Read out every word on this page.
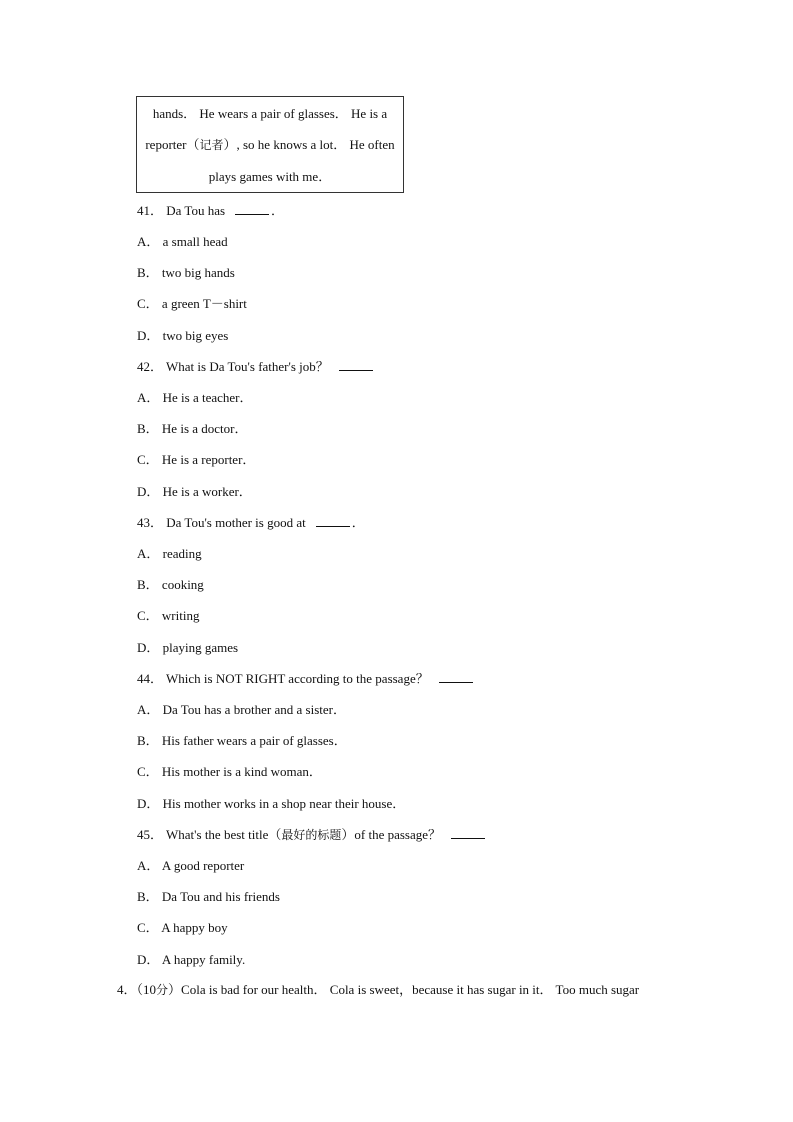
hands． He wears a pair of glasses． He is a
reporter（记者）, so he knows a lot． He often
plays games with me．
41． Da Tou has	．
A． a small head
B． two big hands
C． a green T－shirt
D． two big eyes
42． What is Da Tou's father's job？
A． He is a teacher．
B． He is a doctor．
C． He is a reporter．
D． He is a worker．
43． Da Tou's mother is good at	．
A． reading
B． cooking
C． writing
D． playing games
44． Which is NOT RIGHT according to the passage？
A． Da Tou has a brother and a sister．
B． His father wears a pair of glasses．
C． His mother is a kind woman．
D． His mother works in a shop near their house．
45． What's the best title（最好的标题）of the passage？
A． A good reporter
B． Da Tou and his friends
C． A happy boy
D． A happy family.
4．（10分）Cola is bad for our health． Cola is sweet，because it has sugar in it． Too much sugar
